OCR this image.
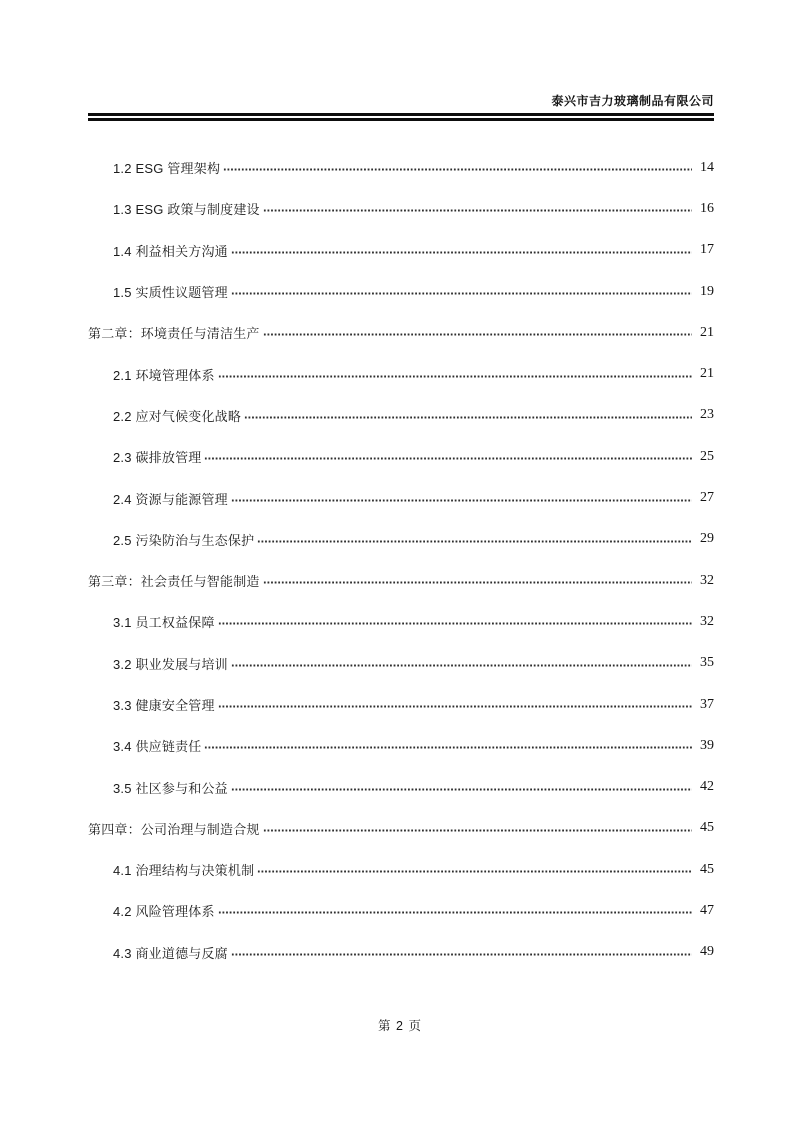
泰兴市吉力玻璃制品有限公司
1.2 ESG 管理架构	14
1.3 ESG 政策与制度建设	16
1.4 利益相关方沟通	17
1.5 实质性议题管理	19
第二章：环境责任与清洁生产	21
2.1 环境管理体系	21
2.2 应对气候变化战略	23
2.3 碳排放管理	25
2.4 资源与能源管理	27
2.5 污染防治与生态保护	29
第三章：社会责任与智能制造	32
3.1 员工权益保障	32
3.2 职业发展与培训	35
3.3 健康安全管理	37
3.4 供应链责任	39
3.5 社区参与和公益	42
第四章：公司治理与制造合规	45
4.1 治理结构与决策机制	45
4.2 风险管理体系	47
4.3 商业道德与反腐	49
第 2 页
